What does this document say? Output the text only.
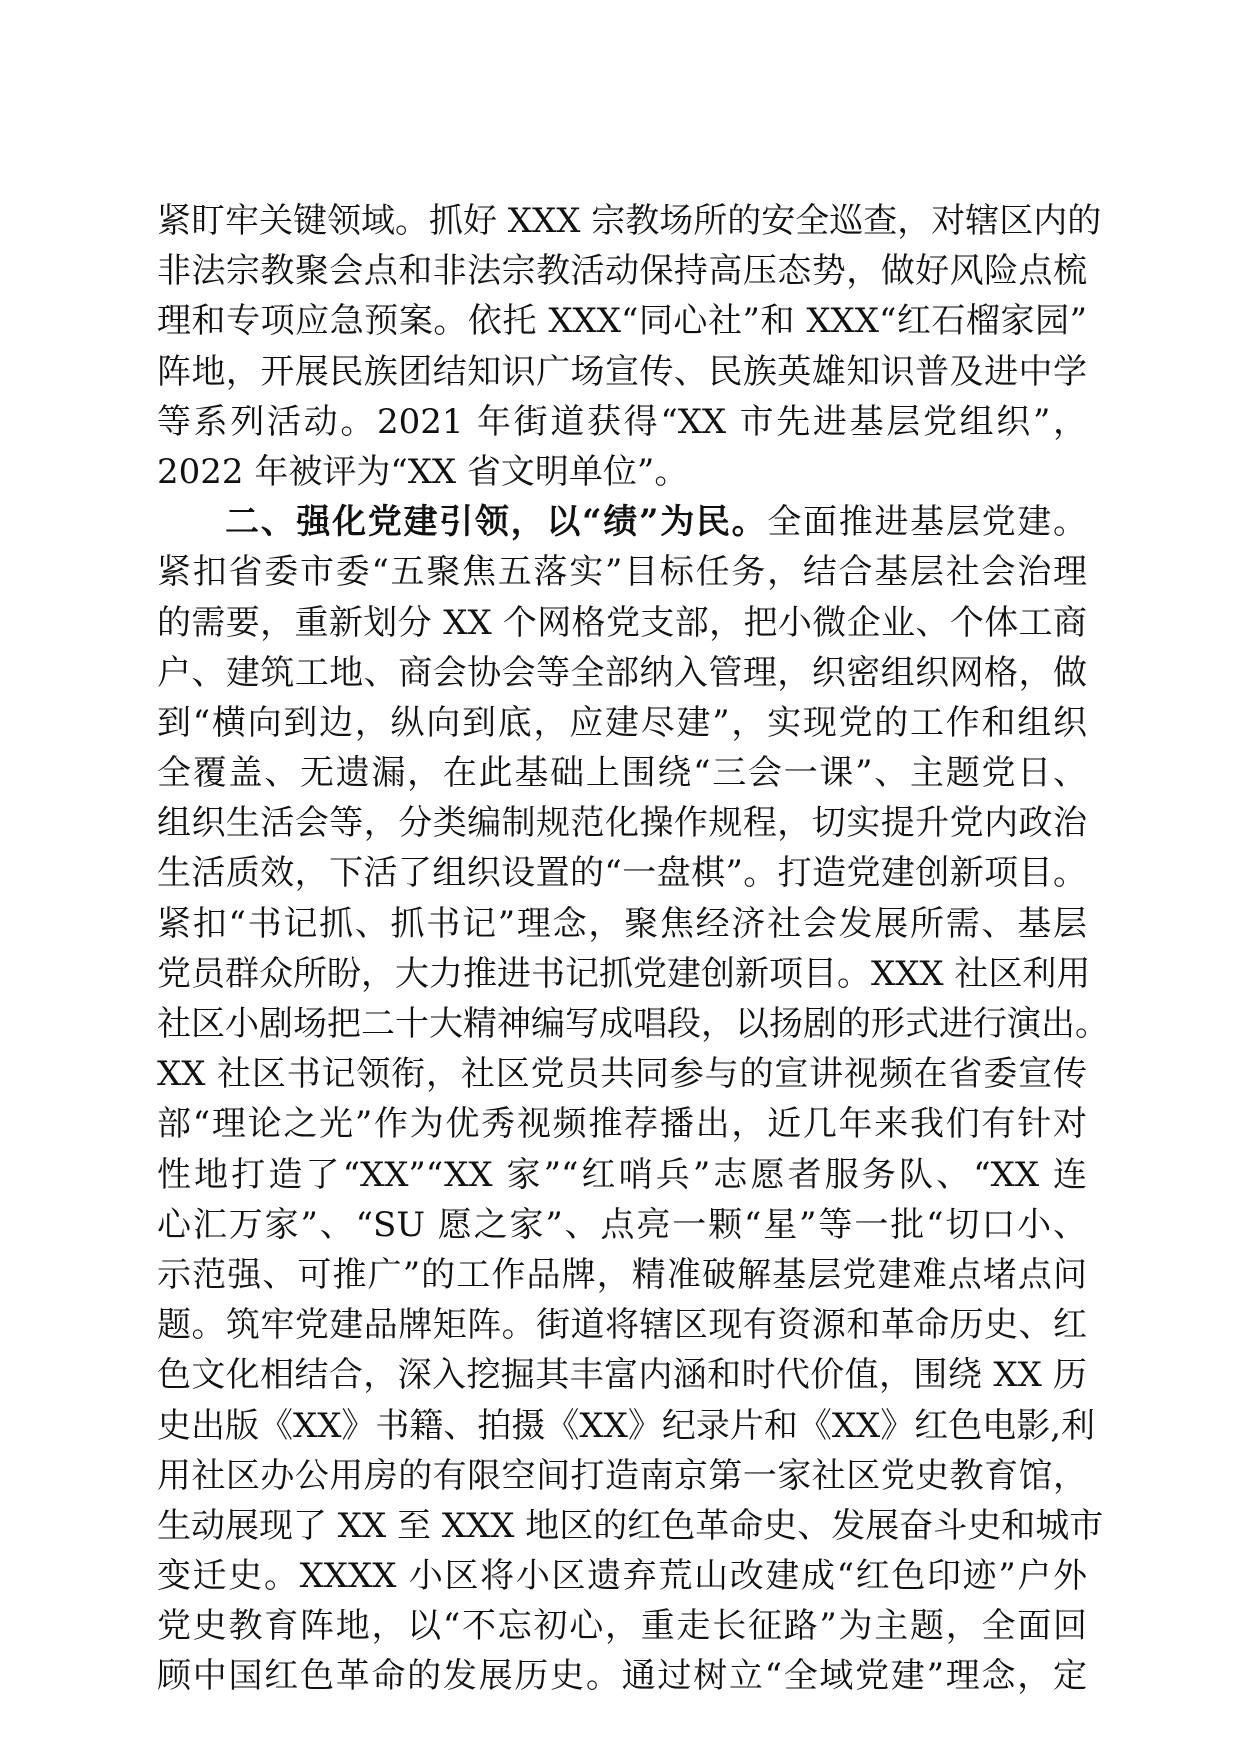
紧盯牢关键领域。抓好 XXX 宗教场所的安全巡查，对辖区内的
非法宗教聚会点和非法宗教活动保持高压态势，做好风险点梳
理和专项应急预案。依托 XXX“同心社”和 XXX“红石榴家园”
阵地，开展民族团结知识广场宣传、民族英雄知识普及进中学
等系列活动。2021 年街道获得“XX 市先进基层党组织”，
2022 年被评为“XX 省文明单位”。
二、强化党建引领，以“绩”为民。全面推进基层党建。
紧扣省委市委“五聚焦五落实”目标任务，结合基层社会治理
的需要，重新划分 XX 个网格党支部，把小微企业、个体工商
户、建筑工地、商会协会等全部纳入管理，织密组织网格，做
到“横向到边，纵向到底，应建尽建”，实现党的工作和组织
全覆盖、无遗漏，在此基础上围绕“三会一课”、主题党日、
组织生活会等，分类编制规范化操作规程，切实提升党内政治
生活质效，下活了组织设置的“一盘棋”。打造党建创新项目。
紧扣“书记抓、抓书记”理念，聚焦经济社会发展所需、基层
党员群众所盼，大力推进书记抓党建创新项目。XXX 社区利用
社区小剧场把二十大精神编写成唱段，以扬剧的形式进行演出。
XX 社区书记领衔，社区党员共同参与的宣讲视频在省委宣传
部“理论之光”作为优秀视频推荐播出，近几年来我们有针对
性地打造了“XX”“XX 家”“红哨兵”志愿者服务队、“XX 连
心汇万家”、“SU 愿之家”、点亮一颗“星”等一批“切口小、
示范强、可推广”的工作品牌，精准破解基层党建难点堵点问
题。筑牢党建品牌矩阵。街道将辖区现有资源和革命历史、红
色文化相结合，深入挖掘其丰富内涵和时代价值，围绕 XX 历
史出版《XX》书籍、拍摄《XX》纪录片和《XX》红色电影,利
用社区办公用房的有限空间打造南京第一家社区党史教育馆，
生动展现了 XX 至 XXX 地区的红色革命史、发展奋斗史和城市
变迁史。XXXX 小区将小区遗弃荒山改建成“红色印迹”户外
党史教育阵地，以“不忘初心，重走长征路”为主题，全面回
顾中国红色革命的发展历史。通过树立“全域党建”理念，定
